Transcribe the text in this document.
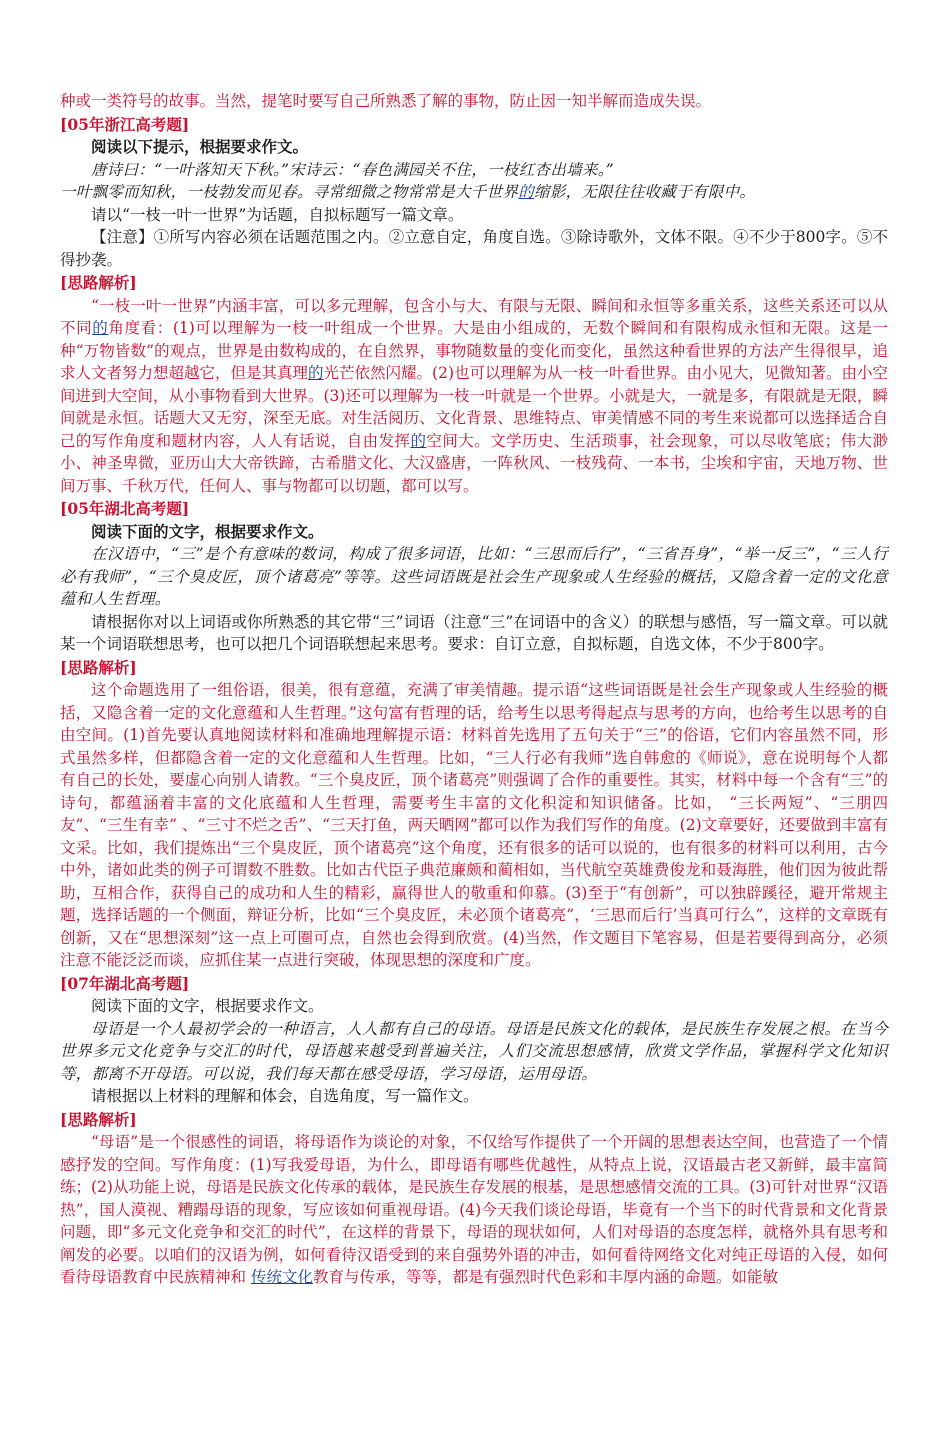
种或一类符号的故事。当然，提笔时要写自己所熟悉了解的事物，防止因一知半解而造成失误。

[05年浙江高考题]

阅读以下提示，根据要求作文。

唐诗曰：“一叶落知天下秋。”宋诗云：“春色满园关不住，一枝红杏出墙来。”

一叶飘零而知秋，一枝勃发而见春。寻常细微之物常常是大千世界的缩影，无限往往收藏于有限中。

请以“一枝一叶一世界”为话题，自拟标题写一篇文章。

【注意】①所写内容必须在话题范围之内。②立意自定，角度自选。③除诗歌外，文体不限。④不少于800字。⑤不得抄袭。

[思路解析]

“一枝一叶一世界”内涵丰富，可以多元理解，包含小与大、有限与无限、瞬间和永恒等多重关系，这些关系还可以从不同的角度看：(1)可以理解为一枝一叶组成一个世界。大是由小组成的，无数个瞬间和有限构成永恒和无限。这是一种“万物皆数”的观点，世界是由数构成的，在自然界，事物随数量的变化而变化，虽然这种看世界的方法产生得很早，追求人文者努力想超越它，但是其真理的光芒依然闪耀。(2)也可以理解为从一枝一叶看世界。由小见大，见微知著。由小空间进到大空间，从小事物看到大世界。(3)还可以理解为一枝一叶就是一个世界。小就是大，一就是多，有限就是无限，瞬间就是永恒。话题大又无穷，深至无底。对生活阅历、文化背景、思维特点、审美情感不同的考生来说都可以选择适合自己的写作角度和题材内容，人人有话说，自由发挥的空间大。文学历史、生活琐事，社会现象，可以尽收笔底；伟大渺小、神圣卑微，亚历山大大帝铁蹄，古希腊文化、大汉盛唐，一阵秋风、一枝残荷、一本书，尘埃和宇宙，天地万物、世间万事、千秋万代，任何人、事与物都可以切题，都可以写。

[05年湖北高考题]

阅读下面的文字，根据要求作文。

在汉语中，“三”是个有意味的数词，构成了很多词语，比如：“三思而后行”，“三省吾身”，“举一反三”，“三人行必有我师”，“三个臭皮匠，顶个诸葛亮”等等。这些词语既是社会生产现象或人生经验的概括，又隐含着一定的文化意蕴和人生哲理。

请根据你对以上词语或你所熟悉的其它带“三”词语（注意“三”在词语中的含义）的联想与感悟，写一篇文章。可以就某一个词语联想思考，也可以把几个词语联想起来思考。要求：自订立意，自拟标题，自选文体，不少于800字。

[思路解析]

这个命题选用了一组俗语，很美，很有意蕴，充满了审美情趣。提示语“这些词语既是社会生产现象或人生经验的概括，又隐含着一定的文化意蕴和人生哲理。”这句富有哲理的话，给考生以思考得起点与思考的方向，也给考生以思考的自由空间。(1)首先要认真地阅读材料和准确地理解提示语：材料首先选用了五句关于“三”的俗语，它们内容虽然不同，形式虽然多样，但都隐含着一定的文化意蕴和人生哲理。比如，“三人行必有我师”选自韩愈的《师说》，意在说明每个人都有自己的长处，要虚心向别人请教。“三个臭皮匠，顶个诸葛亮”则强调了合作的重要性。其实，材料中每一个含有“三”的诗句，都蕴涵着丰富的文化底蕴和人生哲理，需要考生丰富的文化积淀和知识储备。比如， “三长两短”、“三朋四友”、“三生有幸” 、“三寸不烂之舌”、“三天打鱼，两天晒网”都可以作为我们写作的角度。(2)文章要好，还要做到丰富有文采。比如，我们提炼出“三个臭皮匠，顶个诸葛亮”这个角度，还有很多的话可以说的，也有很多的材料可以利用，古今中外，诸如此类的例子可谓数不胜数。比如古代臣子典范廉颇和蔺相如，当代航空英雄费俊龙和聂海胜，他们因为彼此帮助，互相合作，获得自己的成功和人生的精彩，赢得世人的敬重和仰慕。(3)至于“有创新”，可以独辟蹊径，避开常规主题，选择话题的一个侧面，辩证分析，比如“三个臭皮匠，未必顶个诸葛亮”，‘三思而后行’当真可行么”，这样的文章既有创新，又在“思想深刻”这一点上可圈可点，自然也会得到欣赏。(4)当然，作文题目下笔容易，但是若要得到高分，必须注意不能泛泛而谈，应抓住某一点进行突破，体现思想的深度和广度。

[07年湖北高考题]

阅读下面的文字，根据要求作文。

母语是一个人最初学会的一种语言，人人都有自己的母语。母语是民族文化的载体，是民族生存发展之根。在当今世界多元文化竞争与交汇的时代，母语越来越受到普遍关注，人们交流思想感情，欣赏文学作品，掌握科学文化知识等，都离不开母语。可以说，我们每天都在感受母语，学习母语，运用母语。

请根据以上材料的理解和体会，自选角度，写一篇作文。

[思路解析]

“母语”是一个很感性的词语，将母语作为谈论的对象，不仅给写作提供了一个开阔的思想表达空间，也营造了一个情感抒发的空间。写作角度：(1)写我爱母语，为什么，即母语有哪些优越性，从特点上说，汉语最古老又新鲜，最丰富简练；(2)从功能上说，母语是民族文化传承的载体，是民族生存发展的根基，是思想感情交流的工具。(3)可针对世界“汉语热”，国人漠视、糟蹋母语的现象，写应该如何重视母语。(4)今天我们谈论母语，毕竟有一个当下的时代背景和文化背景问题，即“多元文化竞争和交汇的时代”，在这样的背景下，母语的现状如何，人们对母语的态度怎样，就格外具有思考和阐发的必要。以咱们的汉语为例，如何看待汉语受到的来自强势外语的冲击，如何看待网络文化对纯正母语的入侵，如何看待母语教育中民族精神和 传统文化教育与传承，等等，都是有强烈时代色彩和丰厚内涵的命题。如能敏
